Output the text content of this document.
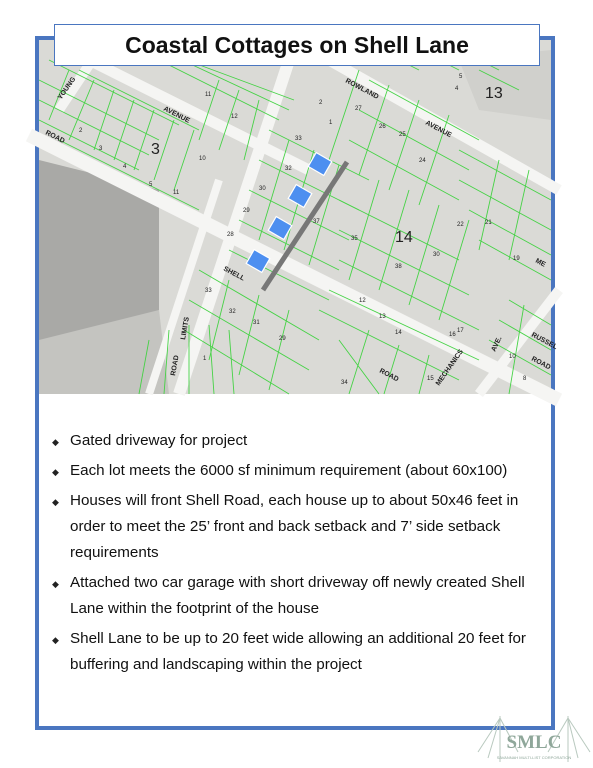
33
32
30
29
28
37
33
32
31
29
35
38
30
22	21
19
24
26
25
27
2
1
12
11
10
11
5
4
3
2
12
13
14	16
15
17
34
1
8
10
4
5
3
13
14
YOUNG
AVENUE
ROAD
ROWLAND
AVENUE
SHELL
ROAD
LIMITS
ROAD	MECHANICS
AVE.	RUSSEL
ROAD
ME
Coastal Cottages on Shell Lane
◆ Gated driveway for project
◆ Each lot meets the 6000 sf minimum requirement (about 60x100)
◆ Houses will front Shell Road, each house up to about 50x46 feet in order to meet the 25’ front and back setback and 7’ side setback requirements
◆ Attached two car garage with short driveway off newly created Shell Lane within the footprint of the house
◆ Shell Lane to be up to 20 feet wide allowing an additional 20 feet for buffering and landscaping within the project
SMLC
SAVANNAH MULTI-LIST CORPORATION
